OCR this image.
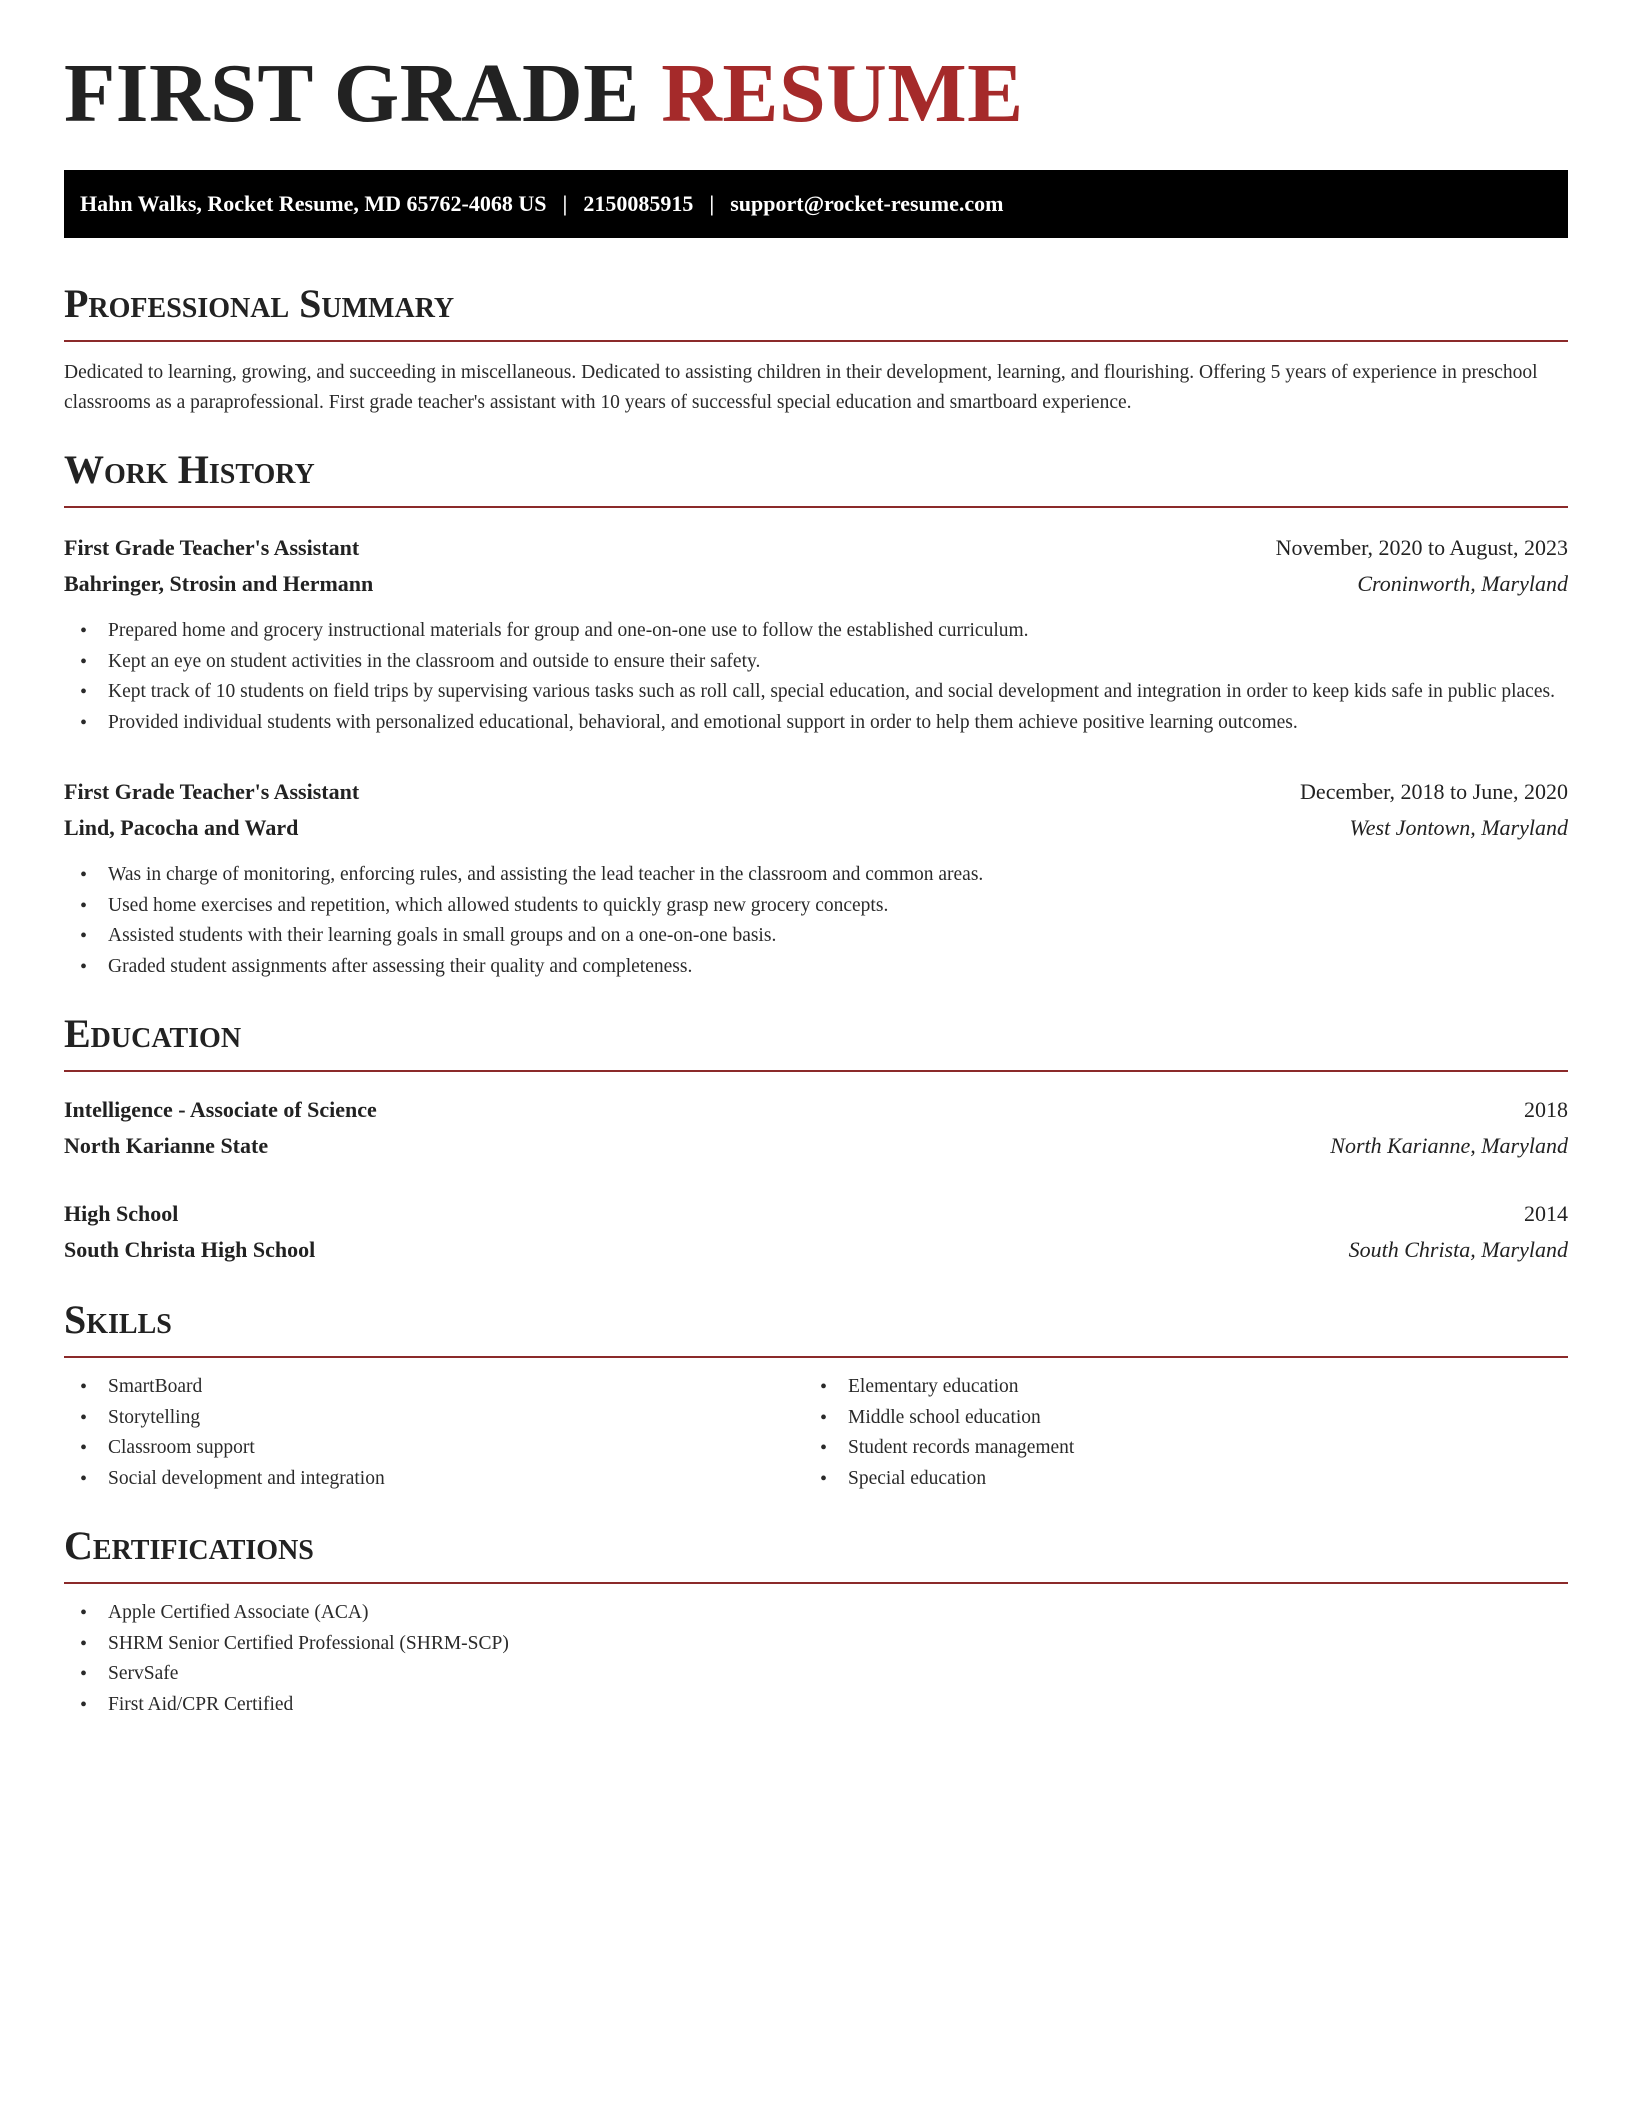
FIRST GRADE RESUME
Hahn Walks, Rocket Resume, MD 65762-4068 US | 2150085915 | support@rocket-resume.com
Professional Summary

Dedicated to learning, growing, and succeeding in miscellaneous. Dedicated to assisting children in their development, learning, and flourishing. Offering 5 years of experience in preschool classrooms as a paraprofessional. First grade teacher's assistant with 10 years of successful special education and smartboard experience.

Work History
First Grade Teacher's Assistant	November, 2020 to August, 2023
Bahringer, Strosin and Hermann	Croninworth, Maryland
• Prepared home and grocery instructional materials for group and one-on-one use to follow the established curriculum.
• Kept an eye on student activities in the classroom and outside to ensure their safety.
• Kept track of 10 students on field trips by supervising various tasks such as roll call, special education, and social development and integration in order to keep kids safe in public places.
• Provided individual students with personalized educational, behavioral, and emotional support in order to help them achieve positive learning outcomes.
First Grade Teacher's Assistant	December, 2018 to June, 2020
Lind, Pacocha and Ward	West Jontown, Maryland
• Was in charge of monitoring, enforcing rules, and assisting the lead teacher in the classroom and common areas.
• Used home exercises and repetition, which allowed students to quickly grasp new grocery concepts.
• Assisted students with their learning goals in small groups and on a one-on-one basis.
• Graded student assignments after assessing their quality and completeness.
Education
Intelligence - Associate of Science	2018
North Karianne State	North Karianne, Maryland
High School	2014
South Christa High School	South Christa, Maryland
Skills
• SmartBoard
• Storytelling
• Classroom support
• Social development and integration
• Elementary education
• Middle school education
• Student records management
• Special education
Certifications
• Apple Certified Associate (ACA)
• SHRM Senior Certified Professional (SHRM-SCP)
• ServSafe
• First Aid/CPR Certified
